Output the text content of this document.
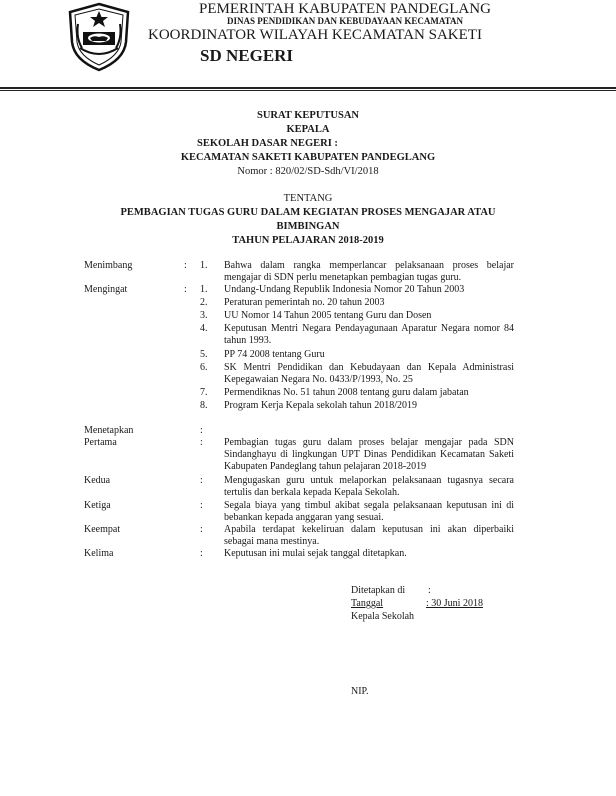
PEMERINTAH KABUPATEN PANDEGLANG
DINAS PENDIDIKAN DAN KEBUDAYAAN KECAMATAN
KOORDINATOR WILAYAH KECAMATAN SAKETI
SD NEGERI
SURAT KEPUTUSAN
KEPALA
SEKOLAH DASAR NEGERI :
KECAMATAN SAKETI KABUPATEN PANDEGLANG
Nomor : 820/02/SD-Sdh/VI/2018
TENTANG
PEMBAGIAN TUGAS GURU DALAM KEGIATAN PROSES MENGAJAR ATAU
BIMBINGAN
TAHUN PELAJARAN 2018-2019
Menimbang	: 1. Bahwa dalam rangka memperlancar pelaksanaan proses belajar mengajar di SDN perlu menetapkan pembagian tugas guru.
Mengingat	: 1. Undang-Undang Republik Indonesia Nomor 20 Tahun 2003
2. Peraturan pemerintah no. 20 tahun 2003
3. UU Nomor 14 Tahun 2005 tentang Guru dan Dosen
4. Keputusan Mentri Negara Pendayagunaan Aparatur Negara nomor 84 tahun 1993.
5. PP 74 2008 tentang Guru
6. SK Mentri Pendidikan dan Kebudayaan dan Kepala Administrasi Kepegawaian Negara No. 0433/P/1993, No. 25
7. Permendiknas No. 51 tahun 2008 tentang guru dalam jabatan
8. Program Kerja Kepala sekolah tahun 2018/2019
Menetapkan	:
Pertama	: Pembagian tugas guru dalam proses belajar mengajar pada SDN Sindanghayu di lingkungan UPT Dinas Pendidikan Kecamatan Saketi Kabupaten Pandeglang tahun pelajaran 2018-2019
Kedua	: Mengugaskan guru untuk melaporkan pelaksanaan tugasnya secara tertulis dan berkala kepada Kepala Sekolah.
Ketiga	: Segala biaya yang timbul akibat segala pelaksanaan keputusan ini di bebankan kepada anggaran yang sesuai.
Keempat	: Apabila terdapat kekeliruan dalam keputusan ini akan diperbaiki sebagai mana mestinya.
Kelima	: Keputusan ini mulai sejak tanggal ditetapkan.
Ditetapkan di :
Tanggal	: 30 Juni 2018
Kepala Sekolah
NIP.
